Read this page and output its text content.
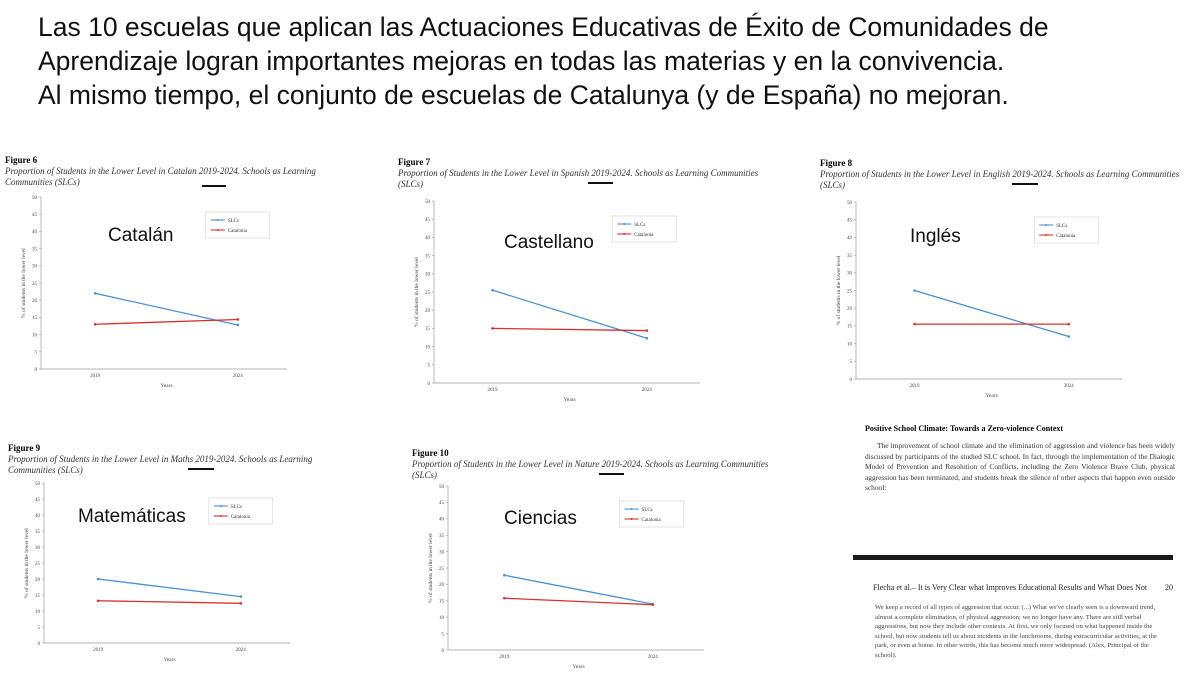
Las 10 escuelas que aplican las Actuaciones Educativas de Éxito de Comunidades de
Aprendizaje logran importantes mejoras en todas las materias y en la convivencia.
Al mismo tiempo, el conjunto de escuelas de Catalunya (y de España) no mejoran.
Figure 6
Proportion of Students in the Lower Level in Catalan 2019-2024. Schools as Learning Communities (SLCs)
0
5
10
15
20
25
30
35
40
45
50
2019	2024
Years
% of students in the lower level
SLCs
Catalonia
Catalán
Figure 7
Proportion of Students in the Lower Level in Spanish 2019-2024. Schools as Learning Communities (SLCs)
0
5
10
15
20
25
30
35
40
45
50
2019	2024
Years
% of students in the lower level
SLCs
Catalonia
Castellano
Figure 8
Proportion of Students in the Lower Level in English 2019-2024. Schools as Learning Communities (SLCs)
0
5
10
15
20
25
30
35
40
45
50
2019	2024
Years
% of students in the lower level
SLCs
Catalonia
Inglés
Figure 9
Proportion of Students in the Lower Level in Maths 2019-2024. Schools as Learning Communities (SLCs)
0
5
10
15
20
25
30
35
40
45
50
2019	2024
Years
% of students in the lower level
SLCs
Catalonia
Matemáticas
Figure 10
Proportion of Students in the Lower Level in Nature 2019-2024. Schools as Learning Communities (SLCs)
0
5
10
15
20
25
30
35
40
45
50
2019	2024
Years
% of students in the lower level
SLCs
Catalonia
Ciencias
Positive School Climate: Towards a Zero-violence Context
The improvement of school climate and the elimination of aggression and violence has been widely discussed by participants of the studied SLC school. In fact, through the implementation of the Dialogic Model of Prevention and Resolution of Conflicts, including the Zero Violence Brave Club, physical aggression has been terminated, and students break the silence of other aspects that happen even outside school:
Flecha et al.– It is Very Clear what Improves Educational Results and What Does Not 20
We keep a record of all types of aggression that occur. (...) What we've clearly seen is a downward trend, almost a complete elimination, of physical aggression; we no longer have any. There are still verbal aggressions, but now they include other contexts. At first, we only focused on what happened inside the school, but now students tell us about incidents in the lunchrooms, during extracurricular activities, at the park, or even at home. In other words, this has become much more widespread. (Alex, Principal of the school).
